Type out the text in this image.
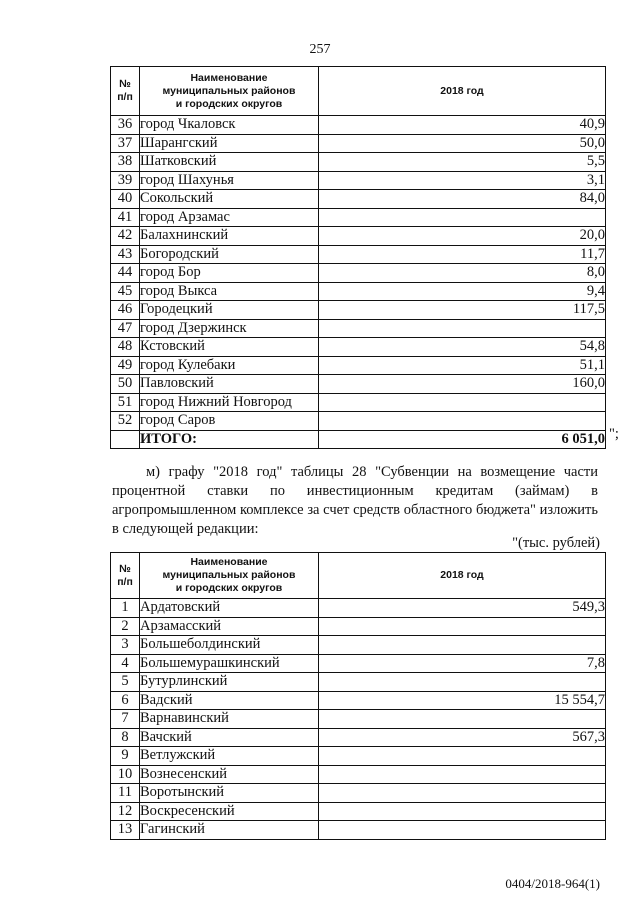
257
№
п/п	Наименование
муниципальных районов
и городских округов	2018 год
36	город Чкаловск	40,9
37	Шарангский	50,0
38	Шатковский	5,5
39	город Шахунья	3,1
40	Сокольский	84,0
41	город Арзамас	
42	Балахнинский	20,0
43	Богородский	11,7
44	город Бор	8,0
45	город Выкса	9,4
46	Городецкий	117,5
47	город Дзержинск	
48	Кстовский	54,8
49	город Кулебаки	51,1
50	Павловский	160,0
51	город Нижний Новгород	
52	город Саров	
	ИТОГО:	6 051,0 ";
м) графу "2018 год" таблицы 28 "Субвенции на возмещение части процентной ставки по инвестиционным кредитам (займам) в агропромышленном комплексе за счет средств областного бюджета" изложить в следующей редакции:
"(тыс. рублей)
№
п/п	Наименование
муниципальных районов
и городских округов	2018 год
1	Ардатовский	549,3
2	Арзамасский	
3	Большеболдинский	
4	Большемурашкинский	7,8
5	Бутурлинский	
6	Вадский	15 554,7
7	Варнавинский	
8	Вачский	567,3
9	Ветлужский	
10	Вознесенский	
11	Воротынский	
12	Воскресенский	
13	Гагинский	
0404/2018-964(1)
